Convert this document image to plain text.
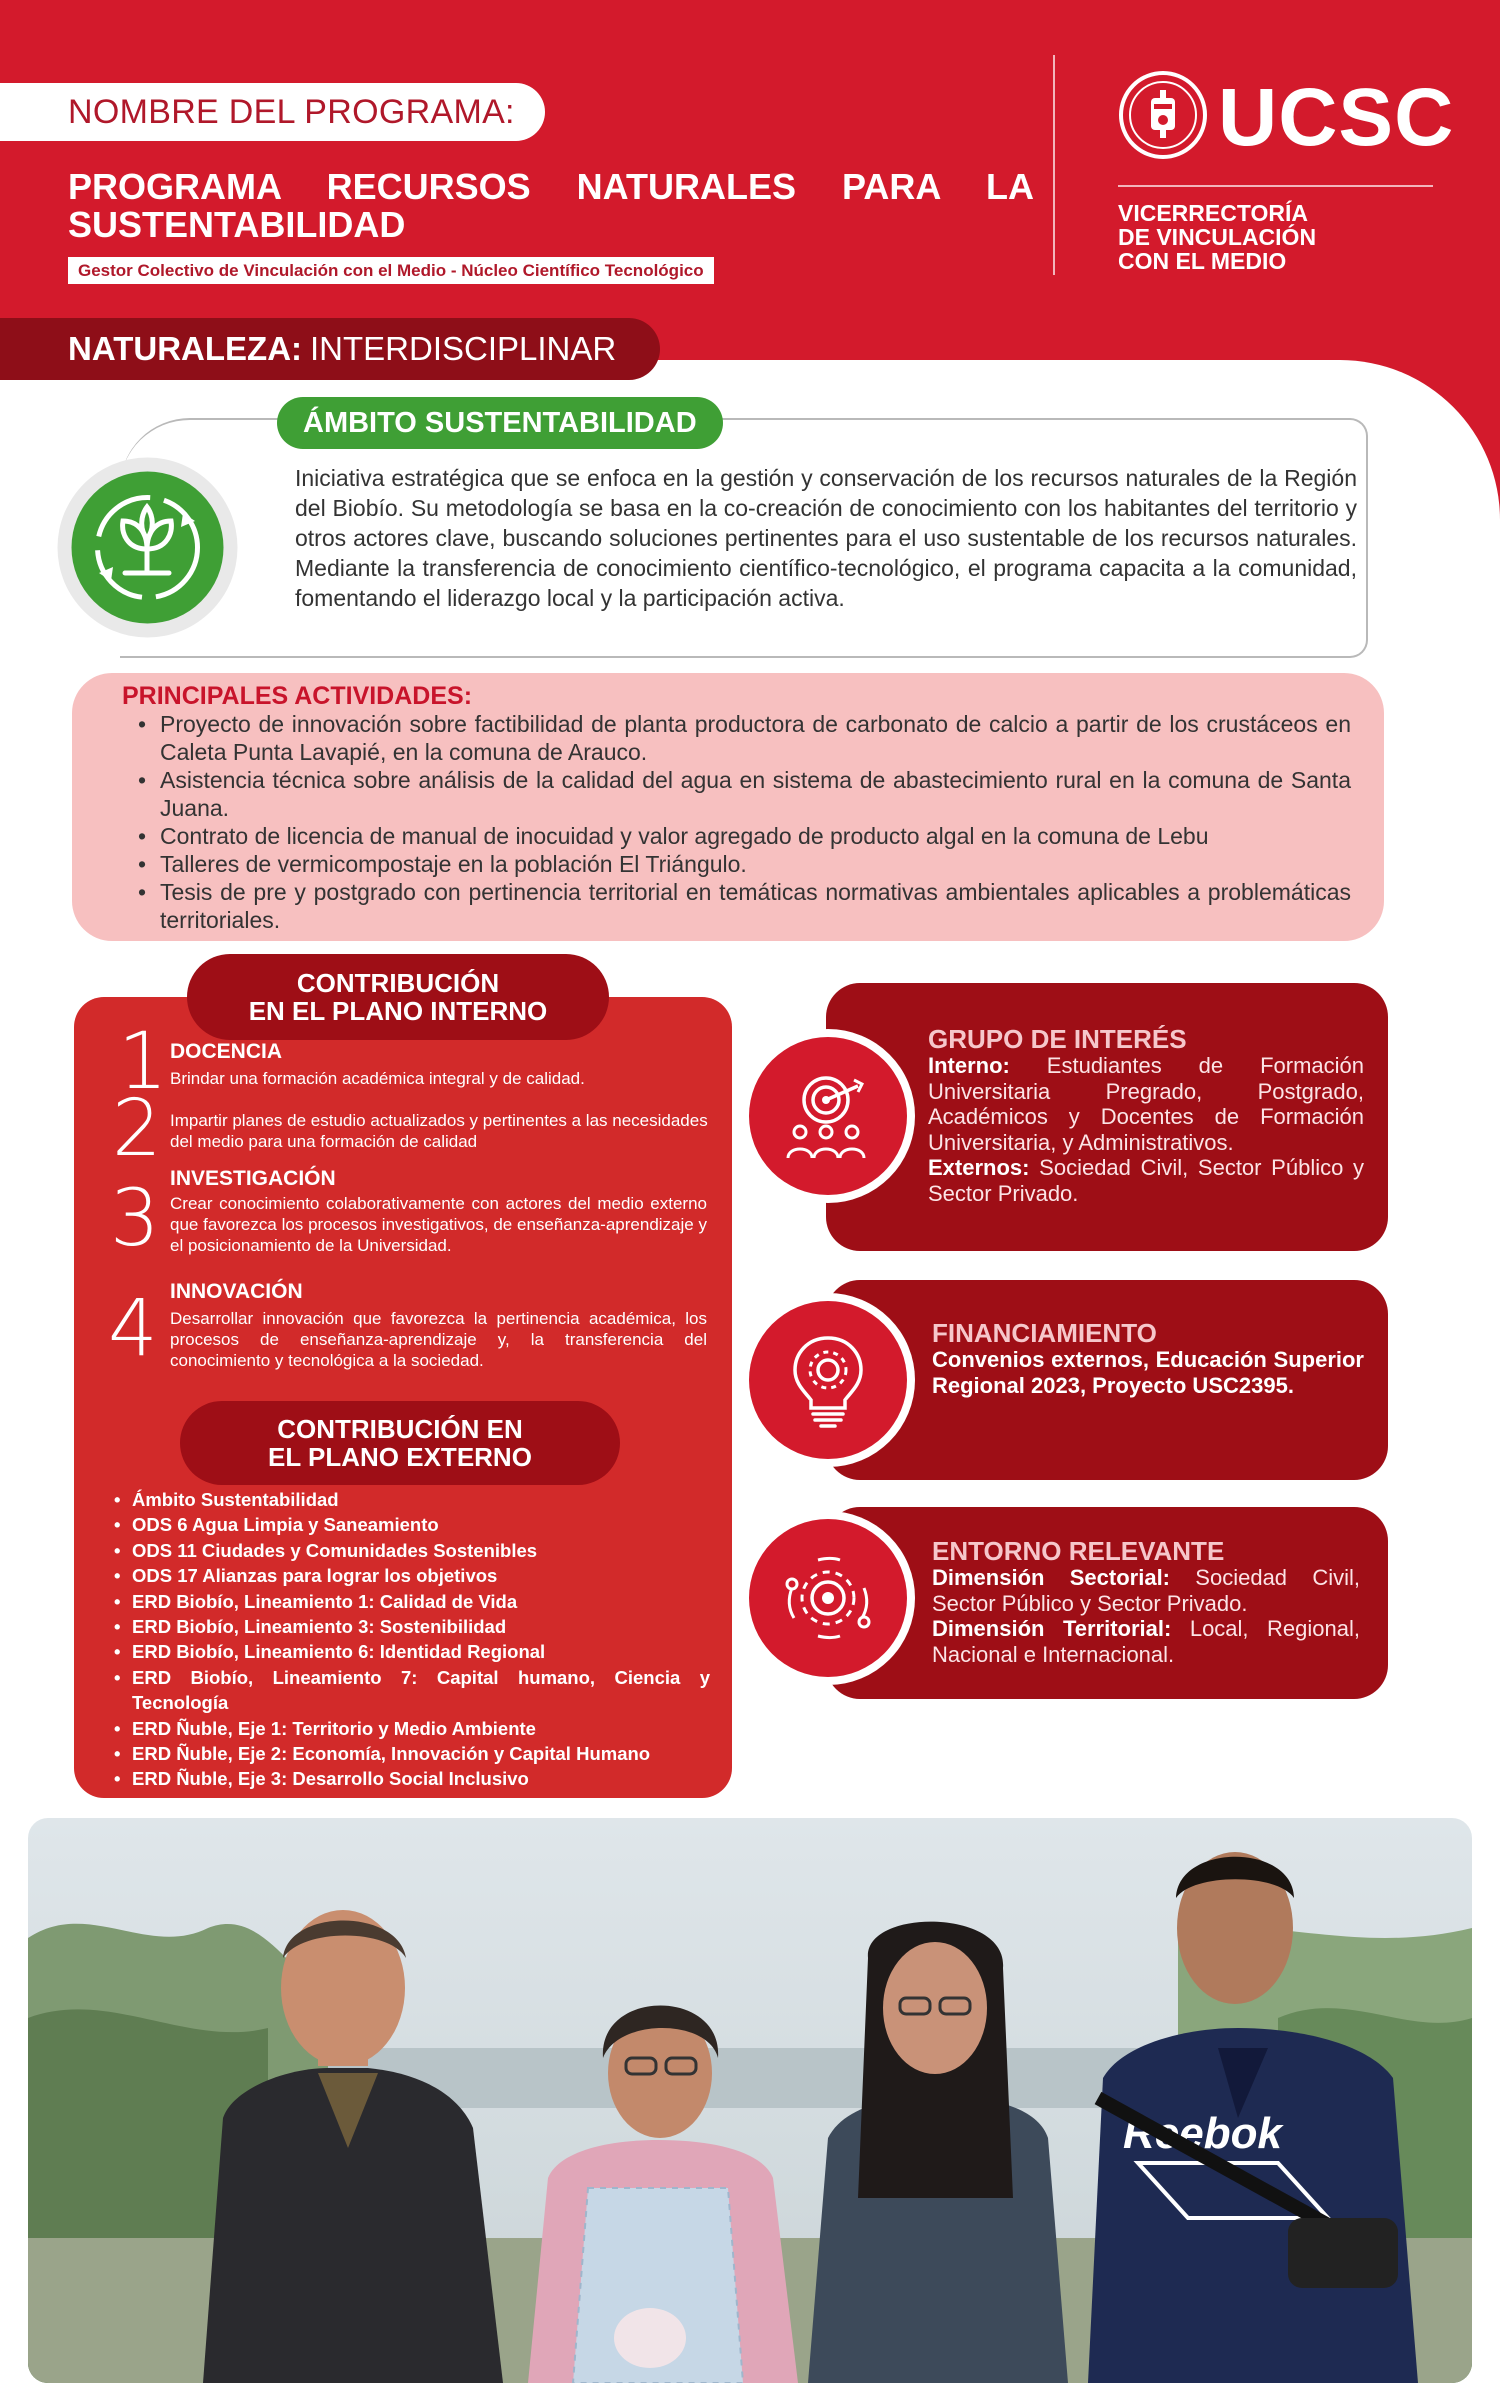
NOMBRE DEL PROGRAMA:
PROGRAMA RECURSOS NATURALES PARA LA SUSTENTABILIDAD
Gestor Colectivo de Vinculación con el Medio - Núcleo Científico Tecnológico
UCSC
VICERRECTORÍA
DE VINCULACIÓN
CON EL MEDIO
NATURALEZA: INTERDISCIPLINAR
ÁMBITO SUSTENTABILIDAD
Iniciativa estratégica que se enfoca en la gestión y conservación de los recursos naturales de la Región del Biobío. Su metodología se basa en la co-creación de conocimiento con los habitantes del territorio y otros actores clave, buscando soluciones pertinentes para el uso sustentable de los recursos naturales. Mediante la transferencia de conocimiento científico-tecnológico, el programa capacita a la comunidad, fomentando el liderazgo local y la participación activa.
PRINCIPALES ACTIVIDADES:
• Proyecto de innovación sobre factibilidad de planta productora de carbonato de calcio a partir de los crustáceos en Caleta Punta Lavapié, en la comuna de Arauco.
• Asistencia técnica sobre análisis de la calidad del agua en sistema de abastecimiento rural en la comuna de Santa Juana.
• Contrato de licencia de manual de inocuidad y valor agregado de producto algal en la comuna de Lebu
• Talleres de vermicompostaje en la población El Triángulo.
• Tesis de pre y postgrado con pertinencia territorial en temáticas normativas ambientales aplicables a problemáticas territoriales.
CONTRIBUCIÓN
EN EL PLANO INTERNO
1 DOCENCIA
Brindar una formación académica integral y de calidad.
2 Impartir planes de estudio actualizados y pertinentes a las necesidades del medio para una formación de calidad
3 INVESTIGACIÓN
Crear conocimiento colaborativamente con actores del medio externo que favorezca los procesos investigativos, de enseñanza-aprendizaje y el posicionamiento de la Universidad.
4 INNOVACIÓN
Desarrollar innovación que favorezca la pertinencia académica, los procesos de enseñanza-aprendizaje y, la transferencia del conocimiento y tecnológica a la sociedad.
CONTRIBUCIÓN EN
EL PLANO EXTERNO
• Ámbito Sustentabilidad
• ODS 6 Agua Limpia y Saneamiento
• ODS 11 Ciudades y Comunidades Sostenibles
• ODS 17 Alianzas para lograr los objetivos
• ERD Biobío, Lineamiento 1: Calidad de Vida
• ERD Biobío, Lineamiento 3: Sostenibilidad
• ERD Biobío, Lineamiento 6: Identidad Regional
• ERD Biobío, Lineamiento 7: Capital humano, Ciencia y Tecnología
• ERD Ñuble, Eje 1: Territorio y Medio Ambiente
• ERD Ñuble, Eje 2: Economía, Innovación y Capital Humano
• ERD Ñuble, Eje 3: Desarrollo Social Inclusivo
GRUPO DE INTERÉS
Interno: Estudiantes de Formación Universitaria Pregrado, Postgrado, Académicos y Docentes de Formación Universitaria, y Administrativos.
Externos: Sociedad Civil, Sector Público y Sector Privado.
FINANCIAMIENTO
Convenios externos, Educación Superior Regional 2023, Proyecto USC2395.
ENTORNO RELEVANTE
Dimensión Sectorial: Sociedad Civil, Sector Público y Sector Privado.
Dimensión Territorial: Local, Regional, Nacional e Internacional.
Reebok
